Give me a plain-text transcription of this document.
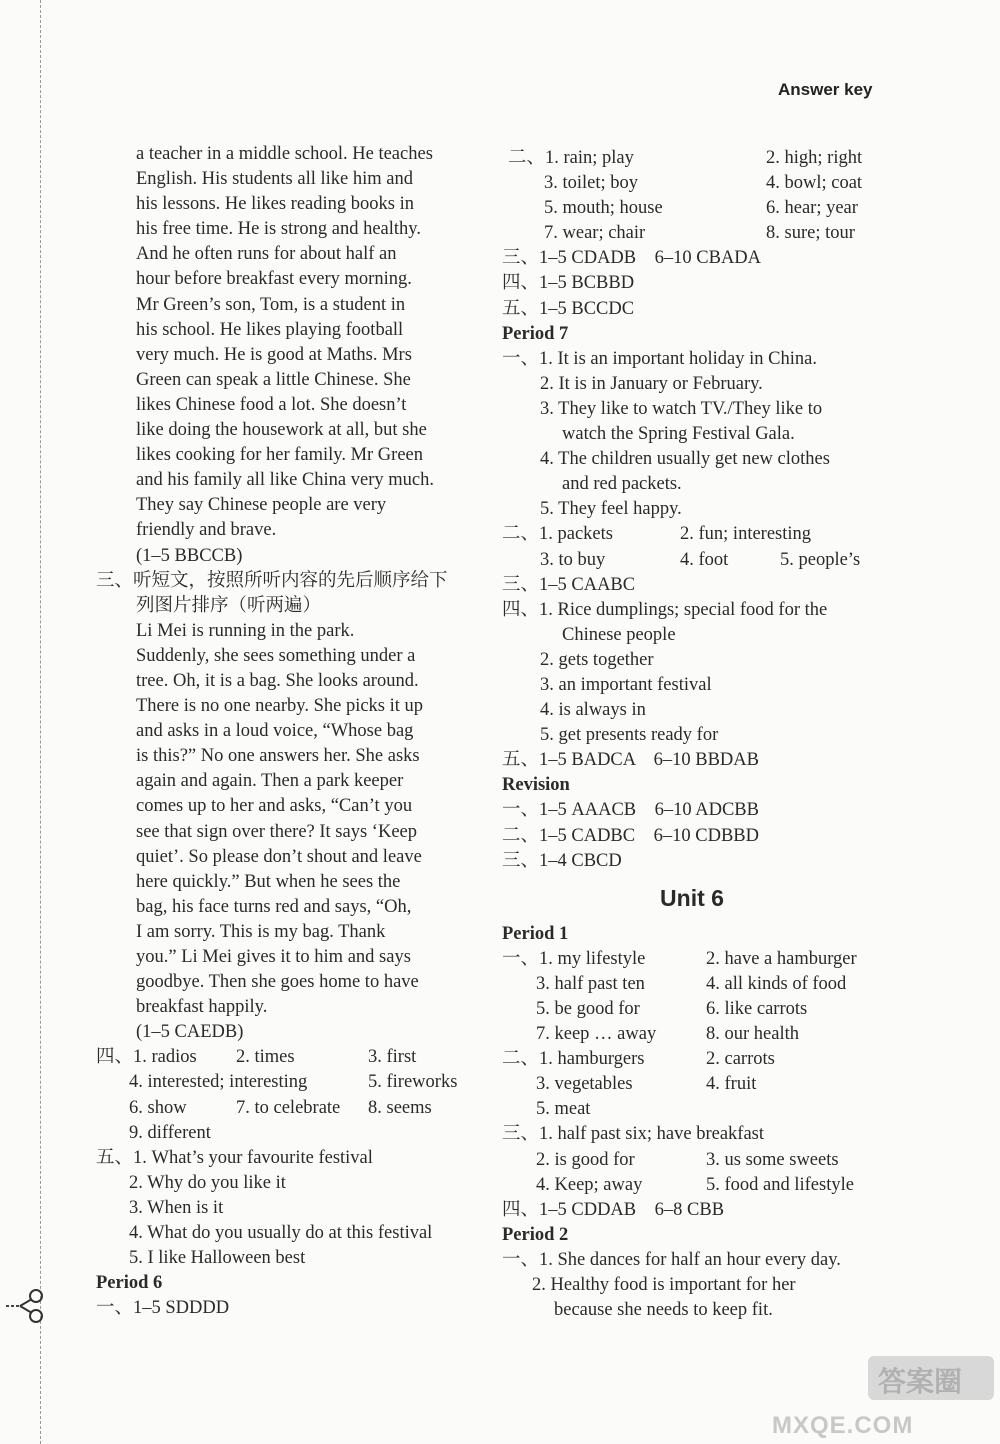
Answer key
a teacher in a middle school. He teaches
English. His students all like him and
his lessons. He likes reading books in
his free time. He is strong and healthy.
And he often runs for about half an
hour before breakfast every morning.
Mr Green’s son, Tom, is a student in
his school. He likes playing football
very much. He is good at Maths. Mrs
Green can speak a little Chinese. She
likes Chinese food a lot. She doesn’t
like doing the housework at all, but she
likes cooking for her family. Mr Green
and his family all like China very much.
They say Chinese people are very
friendly and brave.
(1–5 BBCCB)
三、听短文，按照所听内容的先后顺序给下
列图片排序（听两遍）
Li Mei is running in the park.
Suddenly, she sees something under a
tree. Oh, it is a bag. She looks around.
There is no one nearby. She picks it up
and asks in a loud voice, “Whose bag
is this?” No one answers her. She asks
again and again. Then a park keeper
comes up to her and asks, “Can’t you
see that sign over there? It says ‘Keep
quiet’. So please don’t shout and leave
here quickly.” But when he sees the
bag, his face turns red and says, “Oh,
I am sorry. This is my bag. Thank
you.” Li Mei gives it to him and says
goodbye. Then she goes home to have
breakfast happily.
(1–5 CAEDB)
四、1. radios 2. times	3. first
4. interested; interesting	5. fireworks
6. show	7. to celebrate 8. seems
9. different
五、1. What’s your favourite festival
2. Why do you like it
3. When is it
4. What do you usually do at this festival
5. I like Halloween best
Period 6
一、1–5 SDDDD
二、1. rain; play	2. high; right
3. toilet; boy	4. bowl; coat
5. mouth; house	6. hear; year
7. wear; chair	8. sure; tour
三、1–5 CDADB    6–10 CBADA
四、1–5 BCBBD
五、1–5 BCCDC
Period 7
一、1. It is an important holiday in China.
2. It is in January or February.
3. They like to watch TV./They like to
watch the Spring Festival Gala.
4. The children usually get new clothes
and red packets.
5. They feel happy.
二、1. packets	2. fun; interesting
3. to buy	4. foot	5. people’s
三、1–5 CAABC
四、1. Rice dumplings; special food for the
Chinese people
2. gets together
3. an important festival
4. is always in
5. get presents ready for
五、1–5 BADCA    6–10 BBDAB
Revision
一、1–5 AAACB    6–10 ADCBB
二、1–5 CADBC    6–10 CDBBD
三、1–4 CBCD
Unit 6
Period 1
一、1. my lifestyle	2. have a hamburger
3. half past ten	4. all kinds of food
5. be good for	6. like carrots
7. keep … away	8. our health
二、1. hamburgers	2. carrots
3. vegetables	4. fruit
5. meat
三、1. half past six; have breakfast
2. is good for	3. us some sweets
4. Keep; away	5. food and lifestyle
四、1–5 CDDAB    6–8 CBB
Period 2
一、1. She dances for half an hour every day.
2. Healthy food is important for her
because she needs to keep fit.
答案圈
MXQE.COM
